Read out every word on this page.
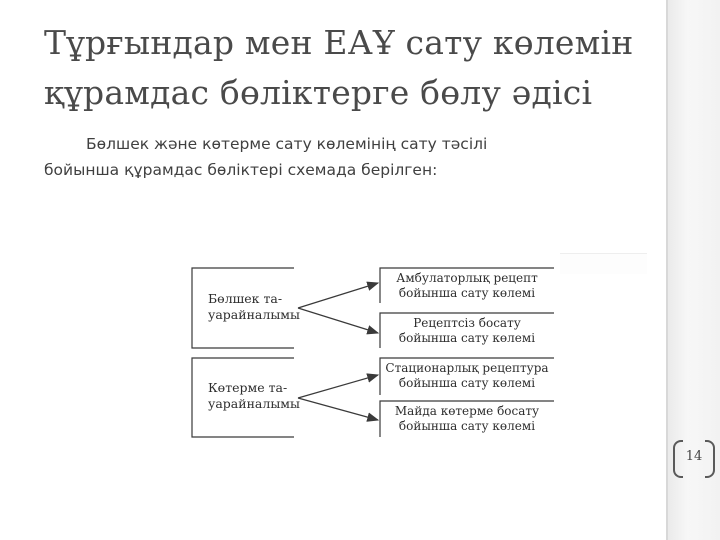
Тұрғындар мен ЕАҰ сату көлемін
құрамдас бөліктерге бөлу әдісі
Бөлшек және көтерме сату көлемінің сату тәсілі
бойынша құрамдас бөліктері схемада берілген:
Бөлшек та-
уарайналымы
Көтерме та-
уарайналымы
Амбулаторлық рецепт
бойынша сату көлемі
Рецептсіз босату
бойынша сату көлемі
Стационарлық рецептура
бойынша сату көлемі
Майда көтерме босату
бойынша сату көлемі
14
